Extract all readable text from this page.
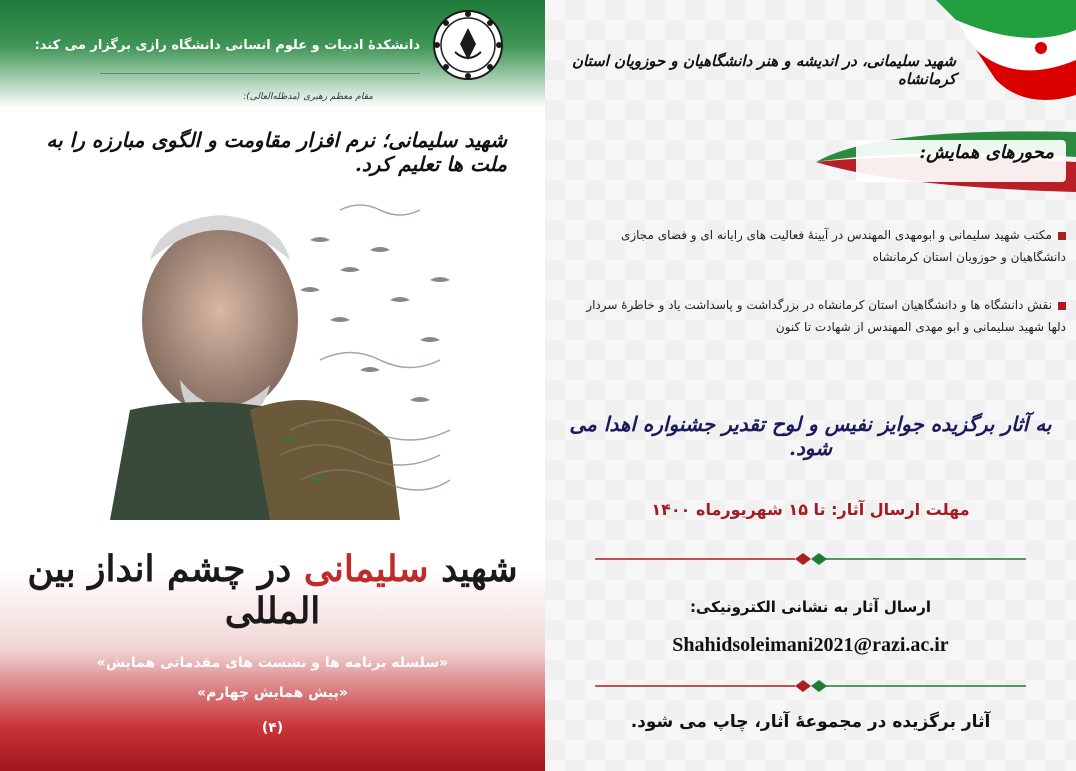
دانشکدهٔ ادبیات و علوم انسانی دانشگاه رازی برگزار می کند:
مقام معظم رهبری (مدظله‌العالی):
شهید سلیمانی؛ نرم افزار مقاومت و الگوی مبارزه را به ملت ها تعلیم کرد.
شهید سلیمانی در چشم انداز بین المللی
«سلسله برنامه ها و نشست های مقدماتی همایش»
«پیش همایش چهارم»
(۴)
شهید سلیمانی، در اندیشه و هنر دانشگاهیان و حوزویان استان کرمانشاه
محورهای همایش:
مکتب شهید سلیمانی و ابومهدی المهندس در آیینهٔ فعالیت های رایانه ای و فضای مجازی دانشگاهیان و حوزویان استان کرمانشاه
نقش دانشگاه ها و دانشگاهیان استان کرمانشاه در بزرگداشت و پاسداشت یاد و خاطرهٔ سردار دلها شهید سلیمانی و ابو مهدی المهندس از شهادت تا کنون
به آثار برگزیده جوایز نفیس و لوح تقدیر جشنواره اهدا می شود.
مهلت ارسال آثار: تا ۱۵ شهریورماه ۱۴۰۰
ارسال آثار به نشانی الکترونیکی:
Shahidsoleimani2021@razi.ac.ir
آثار برگزیده در مجموعهٔ آثار، چاپ می شود.
